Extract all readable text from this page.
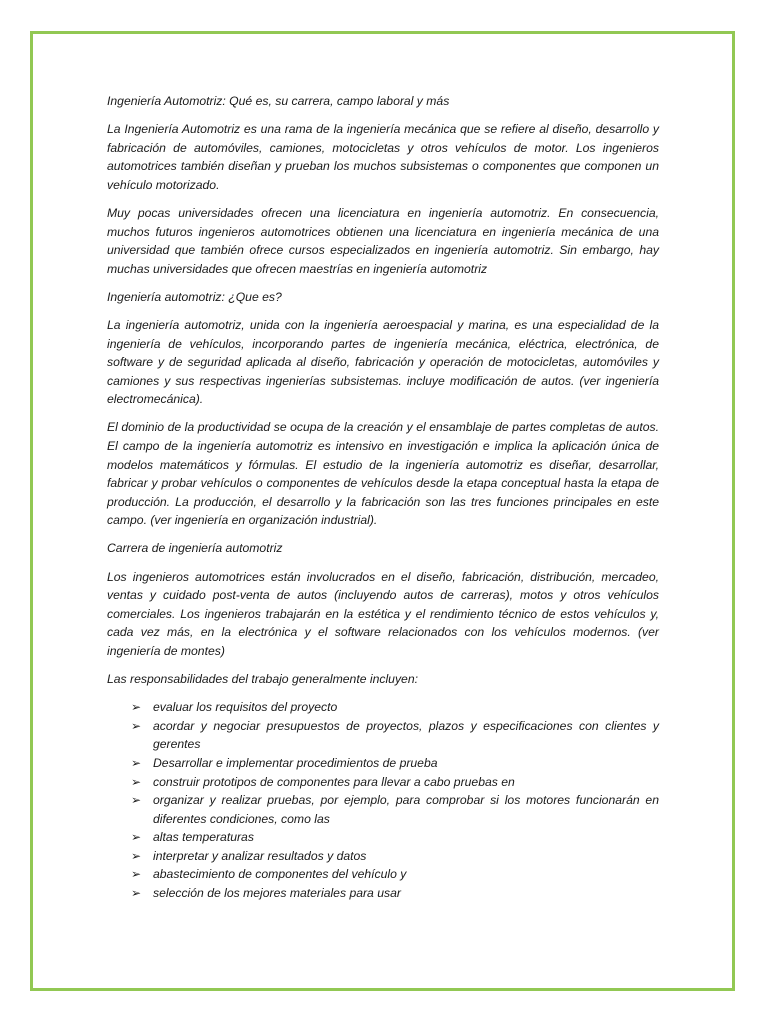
Ingeniería Automotriz: Qué es, su carrera, campo laboral y más

La Ingeniería Automotriz es una rama de la ingeniería mecánica que se refiere al diseño, desarrollo y fabricación de automóviles, camiones, motocicletas y otros vehículos de motor. Los ingenieros automotrices también diseñan y prueban los muchos subsistemas o componentes que componen un vehículo motorizado.

Muy pocas universidades ofrecen una licenciatura en ingeniería automotriz. En consecuencia, muchos futuros ingenieros automotrices obtienen una licenciatura en ingeniería mecánica de una universidad que también ofrece cursos especializados en ingeniería automotriz. Sin embargo, hay muchas universidades que ofrecen maestrías en ingeniería automotriz

Ingeniería automotriz: ¿Que es?

La ingeniería automotriz, unida con la ingeniería aeroespacial y marina, es una especialidad de la ingeniería de vehículos, incorporando partes de ingeniería mecánica, eléctrica, electrónica, de software y de seguridad aplicada al diseño, fabricación y operación de motocicletas, automóviles y camiones y sus respectivas ingenierías subsistemas. incluye modificación de autos. (ver ingeniería electromecánica).

El dominio de la productividad se ocupa de la creación y el ensamblaje de partes completas de autos. El campo de la ingeniería automotriz es intensivo en investigación e implica la aplicación única de modelos matemáticos y fórmulas. El estudio de la ingeniería automotriz es diseñar, desarrollar, fabricar y probar vehículos o componentes de vehículos desde la etapa conceptual hasta la etapa de producción. La producción, el desarrollo y la fabricación son las tres funciones principales en este campo. (ver ingeniería en organización industrial).

Carrera de ingeniería automotriz

Los ingenieros automotrices están involucrados en el diseño, fabricación, distribución, mercadeo, ventas y cuidado post-venta de autos (incluyendo autos de carreras), motos y otros vehículos comerciales. Los ingenieros trabajarán en la estética y el rendimiento técnico de estos vehículos y, cada vez más, en la electrónica y el software relacionados con los vehículos modernos. (ver ingeniería de montes)

Las responsabilidades del trabajo generalmente incluyen:

➢ evaluar los requisitos del proyecto
➢ acordar y negociar presupuestos de proyectos, plazos y especificaciones con clientes y gerentes
➢ Desarrollar e implementar procedimientos de prueba
➢ construir prototipos de componentes para llevar a cabo pruebas en
➢ organizar y realizar pruebas, por ejemplo, para comprobar si los motores funcionarán en diferentes condiciones, como las
➢ altas temperaturas
➢ interpretar y analizar resultados y datos
➢ abastecimiento de componentes del vehículo y
➢ selección de los mejores materiales para usar
